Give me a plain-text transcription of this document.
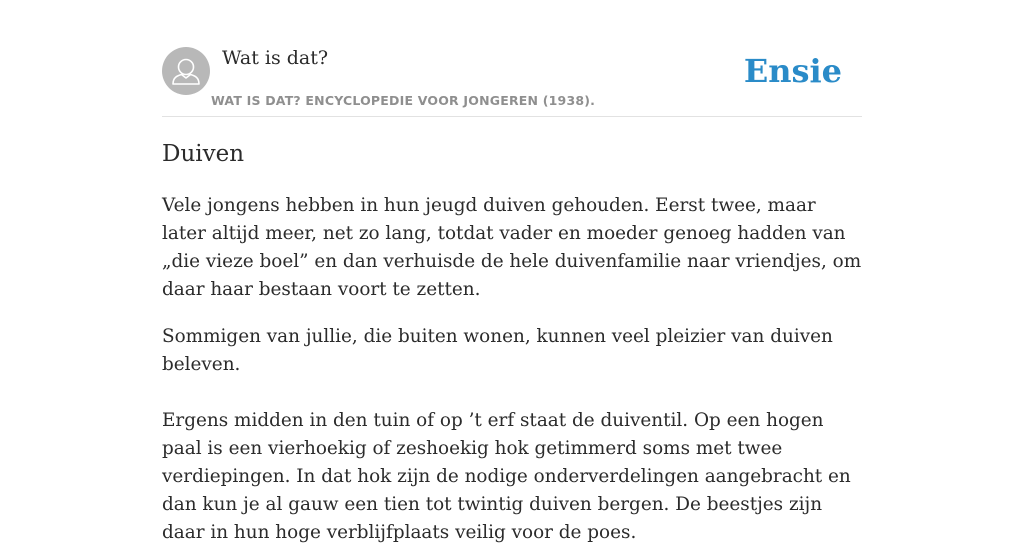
Wat is dat?
WAT IS DAT? ENCYCLOPEDIE VOOR JONGEREN (1938).
Ensie
Duiven

Vele jongens hebben in hun jeugd duiven gehouden. Eerst twee, maar later altijd meer, net zo lang, totdat vader en moeder genoeg hadden van „die vieze boel” en dan verhuisde de hele duivenfamilie naar vriendjes, om daar haar bestaan voort te zetten.

Sommigen van jullie, die buiten wonen, kunnen veel pleizier van duiven beleven.

Ergens midden in den tuin of op ’t erf staat de duiventil. Op een hogen paal is een vierhoekig of zeshoekig hok getimmerd soms met twee verdiepingen. In dat hok zijn de nodige onderverdelingen aangebracht en dan kun je al gauw een tien tot twintig duiven bergen. De beestjes zijn daar in hun hoge verblijfplaats veilig voor de poes.
